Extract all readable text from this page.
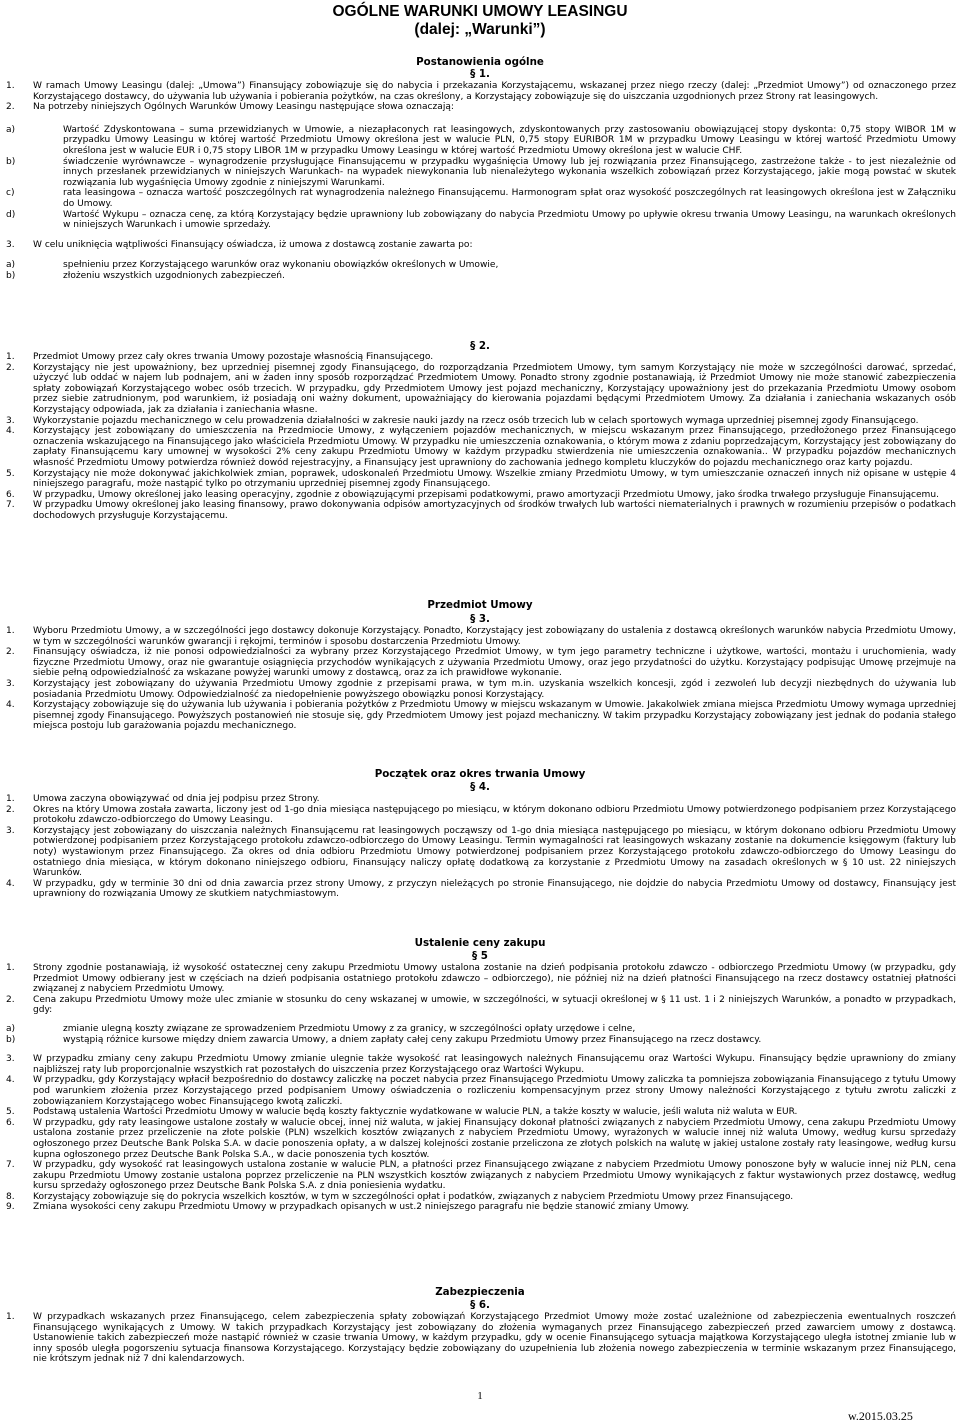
OGÓLNE WARUNKI UMOWY LEASINGU
(dalej: „Warunki”)
Postanowienia ogólne
§ 1.
1. W ramach Umowy Leasingu (dalej: „Umowa”) Finansujący zobowiązuje się do nabycia i przekazania Korzystającemu, wskazanej przez niego rzeczy (dalej: „Przedmiot Umowy”) od oznaczonego przez Korzystającego dostawcy, do używania lub używania i pobierania pożytków, na czas określony, a Korzystający zobowiązuje się do uiszczania uzgodnionych przez Strony rat leasingowych.
2. Na potrzeby niniejszych Ogólnych Warunków Umowy Leasingu następujące słowa oznaczają:
a)	Wartość Zdyskontowana – suma przewidzianych w Umowie, a niezapłaconych rat leasingowych, zdyskontowanych przy zastosowaniu obowiązującej stopy dyskonta: 0,75 stopy WIBOR 1M w przypadku Umowy Leasingu w której wartość Przedmiotu Umowy określona jest w walucie PLN, 0,75 stopy EURIBOR 1M w przypadku Umowy Leasingu w której wartość Przedmiotu Umowy określona jest w walucie EUR i 0,75 stopy LIBOR 1M w przypadku Umowy Leasingu w której wartość Przedmiotu Umowy określona jest w walucie CHF.
b)	świadczenie wyrównawcze – wynagrodzenie przysługujące Finansującemu w przypadku wygaśnięcia Umowy lub jej rozwiązania przez Finansującego, zastrzeżone także - to jest niezależnie od innych przesłanek przewidzianych w niniejszych Warunkach- na wypadek niewykonania lub nienależytego wykonania wszelkich zobowiązań przez Korzystającego, jakie mogą powstać w skutek rozwiązania lub wygaśnięcia Umowy zgodnie z niniejszymi Warunkami.
c)	rata leasingowa – oznacza wartość poszczególnych rat wynagrodzenia należnego Finansującemu. Harmonogram spłat oraz wysokość poszczególnych rat leasingowych określona jest w Załączniku do Umowy.
d)	Wartość Wykupu – oznacza cenę, za którą Korzystający będzie uprawniony lub zobowiązany do nabycia Przedmiotu Umowy po upływie okresu trwania Umowy Leasingu, na warunkach określonych w niniejszych Warunkach i umowie sprzedaży.
3. W celu uniknięcia wątpliwości Finansujący oświadcza, iż umowa z dostawcą zostanie zawarta po:
a)	spełnieniu przez Korzystającego warunków oraz wykonaniu obowiązków określonych w Umowie,
b)	złożeniu wszystkich uzgodnionych zabezpieczeń.
§ 2.
1. Przedmiot Umowy przez cały okres trwania Umowy pozostaje własnością Finansującego.
2. Korzystający nie jest upoważniony, bez uprzedniej pisemnej zgody Finansującego, do rozporządzania Przedmiotem Umowy, tym samym Korzystający nie może w szczególności darować, sprzedać, użyczyć lub oddać w najem lub podnajem, ani w żaden inny sposób rozporządzać Przedmiotem Umowy. Ponadto strony zgodnie postanawiają, iż Przedmiot Umowy nie może stanowić zabezpieczenia spłaty zobowiązań Korzystającego wobec osób trzecich. W przypadku, gdy Przedmiotem Umowy jest pojazd mechaniczny, Korzystający upoważniony jest do przekazania Przedmiotu Umowy osobom przez siebie zatrudnionym, pod warunkiem, iż posiadają oni ważny dokument, upoważniający do kierowania pojazdami będącymi Przedmiotem Umowy. Za działania i zaniechania wskazanych osób Korzystający odpowiada, jak za działania i zaniechania własne.
3. Wykorzystanie pojazdu mechanicznego w celu prowadzenia działalności w zakresie nauki jazdy na rzecz osób trzecich lub w celach sportowych wymaga uprzedniej pisemnej zgody Finansującego.
4. Korzystający jest zobowiązany do umieszczenia na Przedmiocie Umowy, z wyłączeniem pojazdów mechanicznych, w miejscu wskazanym przez Finansującego, przedłożonego przez Finansującego oznaczenia wskazującego na Finansującego jako właściciela Przedmiotu Umowy. W przypadku nie umieszczenia oznakowania, o którym mowa z zdaniu poprzedzającym, Korzystający jest zobowiązany do zapłaty Finansującemu kary umownej w wysokości 2% ceny zakupu Przedmiotu Umowy w każdym przypadku stwierdzenia nie umieszczenia oznakowania.. W przypadku pojazdów mechanicznych własność Przedmiotu Umowy potwierdza również dowód rejestracyjny, a Finansujący jest uprawniony do zachowania jednego kompletu kluczyków do pojazdu mechanicznego oraz karty pojazdu.
5. Korzystający nie może dokonywać jakichkolwiek zmian, poprawek, udoskonaleń Przedmiotu Umowy. Wszelkie zmiany Przedmiotu Umowy, w tym umieszczanie oznaczeń innych niż opisane w ustępie 4 niniejszego paragrafu, może nastąpić tylko po otrzymaniu uprzedniej pisemnej zgody Finansującego.
6. W przypadku, Umowy określonej jako leasing operacyjny, zgodnie z obowiązującymi przepisami podatkowymi, prawo amortyzacji Przedmiotu Umowy, jako środka trwałego przysługuje Finansującemu.
7. W przypadku Umowy określonej jako leasing finansowy, prawo dokonywania odpisów amortyzacyjnych od środków trwałych lub wartości niematerialnych i prawnych w rozumieniu przepisów o podatkach dochodowych przysługuje Korzystającemu.
Przedmiot Umowy
§ 3.
1. Wyboru Przedmiotu Umowy, a w szczególności jego dostawcy dokonuje Korzystający. Ponadto, Korzystający jest zobowiązany do ustalenia z dostawcą określonych warunków nabycia Przedmiotu Umowy, w tym w szczególności warunków gwarancji i rękojmi, terminów i sposobu dostarczenia Przedmiotu Umowy.
2. Finansujący oświadcza, iż nie ponosi odpowiedzialności za wybrany przez Korzystającego Przedmiot Umowy, w tym jego parametry techniczne i użytkowe, wartości, montażu i uruchomienia, wady fizyczne Przedmiotu Umowy, oraz nie gwarantuje osiągnięcia przychodów wynikających z używania Przedmiotu Umowy, oraz jego przydatności do użytku. Korzystający podpisując Umowę przejmuje na siebie pełną odpowiedzialność za wskazane powyżej warunki umowy z dostawcą, oraz za ich prawidłowe wykonanie.
3. Korzystający jest zobowiązany do używania Przedmiotu Umowy zgodnie z przepisami prawa, w tym m.in. uzyskania wszelkich koncesji, zgód i zezwoleń lub decyzji niezbędnych do używania lub posiadania Przedmiotu Umowy. Odpowiedzialność za niedopełnienie powyższego obowiązku ponosi Korzystający.
4. Korzystający zobowiązuje się do używania lub używania i pobierania pożytków z Przedmiotu Umowy w miejscu wskazanym w Umowie. Jakakolwiek zmiana miejsca Przedmiotu Umowy wymaga uprzedniej pisemnej zgody Finansującego. Powyższych postanowień nie stosuje się, gdy Przedmiotem Umowy jest pojazd mechaniczny. W takim przypadku Korzystający zobowiązany jest jednak do podania stałego miejsca postoju lub garażowania pojazdu mechanicznego.
Początek oraz okres trwania Umowy
§ 4.
1. Umowa zaczyna obowiązywać od dnia jej podpisu przez Strony.
2. Okres na który Umowa została zawarta, liczony jest od 1-go dnia miesiąca następującego po miesiącu, w którym dokonano odbioru Przedmiotu Umowy potwierdzonego podpisaniem przez Korzystającego protokołu zdawczo-odbiorczego do Umowy Leasingu.
3. Korzystający jest zobowiązany do uiszczania należnych Finansującemu rat leasingowych począwszy od 1-go dnia miesiąca następującego po miesiącu, w którym dokonano odbioru Przedmiotu Umowy potwierdzonej podpisaniem przez Korzystającego protokołu zdawczo-odbiorczego do Umowy Leasingu. Termin wymagalności rat leasingowych wskazany zostanie na dokumencie księgowym (faktury lub noty) wystawionym przez Finansującego. Za okres od dnia odbioru Przedmiotu Umowy potwierdzonej podpisaniem przez Korzystającego protokołu zdawczo-odbiorczego do Umowy Leasingu do ostatniego dnia miesiąca, w którym dokonano niniejszego odbioru, Finansujący naliczy opłatę dodatkową za korzystanie z Przedmiotu Umowy na zasadach określonych w § 10 ust. 22 niniejszych Warunków.
4. W przypadku, gdy w terminie 30 dni od dnia zawarcia przez strony Umowy, z przyczyn nieleżących po stronie Finansującego, nie dojdzie do nabycia Przedmiotu Umowy od dostawcy, Finansujący jest uprawniony do rozwiązania Umowy ze skutkiem natychmiastowym.
Ustalenie ceny zakupu
§ 5
1. Strony zgodnie postanawiają, iż wysokość ostatecznej ceny zakupu Przedmiotu Umowy ustalona zostanie na dzień podpisania protokołu zdawczo - odbiorczego Przedmiotu Umowy (w przypadku, gdy Przedmiot Umowy odbierany jest w częściach na dzień podpisania ostatniego protokołu zdawczo – odbiorczego), nie później niż na dzień płatności Finansującego na rzecz dostawcy ostatniej płatności związanej z nabyciem Przedmiotu Umowy.
2. Cena zakupu Przedmiotu Umowy może ulec zmianie w stosunku do ceny wskazanej w umowie, w szczególności, w sytuacji określonej w § 11 ust. 1 i 2 niniejszych Warunków, a ponadto w przypadkach, gdy:
a)	zmianie ulegną koszty związane ze sprowadzeniem Przedmiotu Umowy z za granicy, w szczególności opłaty urzędowe i celne,
b)	wystąpią różnice kursowe między dniem zawarcia Umowy, a dniem zapłaty całej ceny zakupu Przedmiotu Umowy przez Finansującego na rzecz dostawcy.
3. W przypadku zmiany ceny zakupu Przedmiotu Umowy zmianie ulegnie także wysokość rat leasingowych należnych Finansującemu oraz Wartości Wykupu. Finansujący będzie uprawniony do zmiany najbliższej raty lub proporcjonalnie wszystkich rat pozostałych do uiszczenia przez Korzystającego oraz Wartości Wykupu.
4. W przypadku, gdy Korzystający wpłacił bezpośrednio do dostawcy zaliczkę na poczet nabycia przez Finansującego Przedmiotu Umowy zaliczka ta pomniejsza zobowiązania Finansującego z tytułu Umowy pod warunkiem złożenia przez Korzystającego przed podpisaniem Umowy oświadczenia o rozliczeniu kompensacyjnym przez strony Umowy należności Korzystającego z tytułu zwrotu zaliczki z zobowiązaniem Korzystającego wobec Finansującego kwotą zaliczki.
5. Podstawą ustalenia Wartości Przedmiotu Umowy w walucie będą koszty faktycznie wydatkowane w walucie PLN, a także koszty w walucie, jeśli waluta niż waluta w EUR.
6. W przypadku, gdy raty leasingowe ustalone zostały w walucie obcej, innej niż waluta, w jakiej Finansujący dokonał płatności związanych z nabyciem Przedmiotu Umowy, cena zakupu Przedmiotu Umowy ustalona zostanie przez przeliczenie na złote polskie (PLN) wszelkich kosztów związanych z nabyciem Przedmiotu Umowy, wyrażonych w walucie innej niż waluta Umowy, według kursu sprzedaży ogłoszonego przez Deutsche Bank Polska S.A. w dacie ponoszenia opłaty, a w dalszej kolejności zostanie przeliczona ze złotych polskich na walutę w jakiej ustalone zostały raty leasingowe, według kursu kupna ogłoszonego przez Deutsche Bank Polska S.A., w dacie ponoszenia tych kosztów.
7. W przypadku, gdy wysokość rat leasingowych ustalona zostanie w walucie PLN, a płatności przez Finansującego związane z nabyciem Przedmiotu Umowy ponoszone były w walucie innej niż PLN, cena zakupu Przedmiotu Umowy zostanie ustalona poprzez przeliczenie na PLN wszystkich kosztów związanych z nabyciem Przedmiotu Umowy wynikających z faktur wystawionych przez dostawcę, według kursu sprzedaży ogłoszonego przez Deutsche Bank Polska S.A. z dnia poniesienia wydatku.
8. Korzystający zobowiązuje się do pokrycia wszelkich kosztów, w tym w szczególności opłat i podatków, związanych z nabyciem Przedmiotu Umowy przez Finansującego.
9. Zmiana wysokości ceny zakupu Przedmiotu Umowy w przypadkach opisanych w ust.2 niniejszego paragrafu nie będzie stanowić zmiany Umowy.
Zabezpieczenia
§ 6.
1. W przypadkach wskazanych przez Finansującego, celem zabezpieczenia spłaty zobowiązań Korzystającego Przedmiot Umowy może zostać uzależnione od zabezpieczenia ewentualnych roszczeń Finansującego wynikających z Umowy. W takich przypadkach Korzystający jest zobowiązany do złożenia wymaganych przez Finansującego zabezpieczeń przed zawarciem umowy z dostawcą. Ustanowienie takich zabezpieczeń może nastąpić również w czasie trwania Umowy, w każdym przypadku, gdy w ocenie Finansującego sytuacja majątkowa Korzystającego uległa istotnej zmianie lub w inny sposób uległa pogorszeniu sytuacja finansowa Korzystającego. Korzystający będzie zobowiązany do uzupełnienia lub złożenia nowego zabezpieczenia w terminie wskazanym przez Finansującego, nie krótszym jednak niż 7 dni kalendarzowych.
1
w.2015.03.25
